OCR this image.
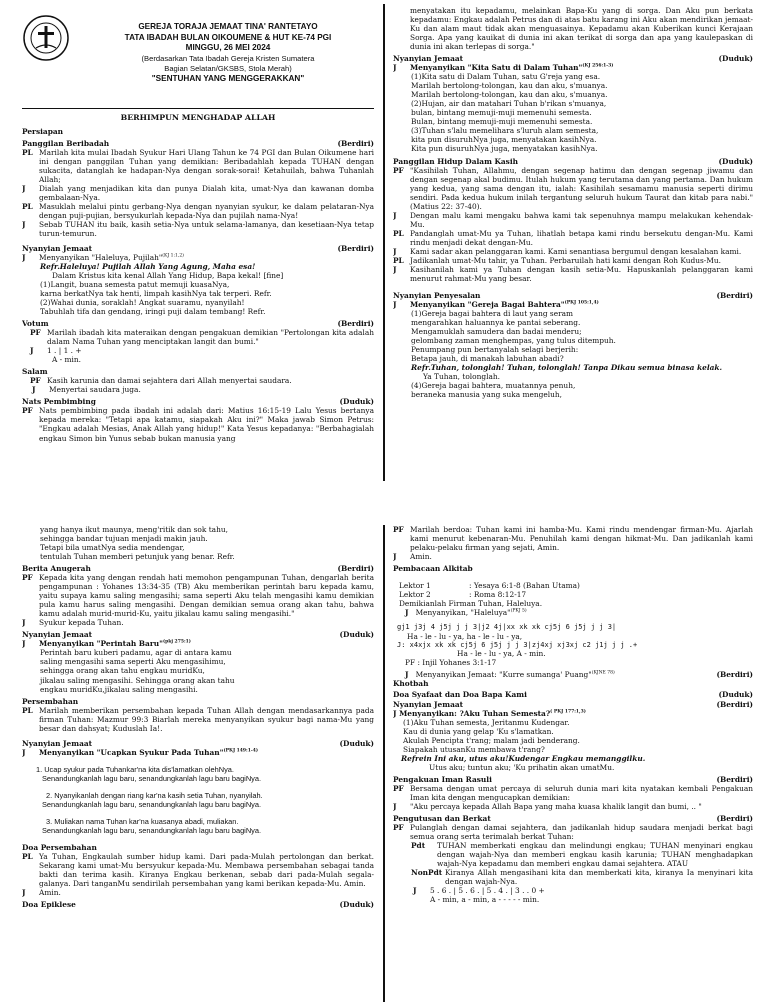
GEREJA TORAJA JEMAAT TINA' RANTETAYO
TATA IBADAH BULAN OIKOUMENE & HUT KE-74 PGI
MINGGU, 26 MEI 2024
(Berdasarkan Tata Ibadah Gereja Kristen Sumatera
Bagian Selatan/GKSBS, Stola Merah)
"SENTUHAN YANG MENGGERAKKAN"
BERHIMPUN MENGHADAP ALLAH
Persiapan
Panggilan Beribadah	(Berdiri)
PL Marilah kita mulai Ibadah Syukur Hari Ulang Tahun ke 74 PGI dan Bulan Oikumene hari ini dengan panggilan Tuhan yang demikian: Beribadahlah kepada TUHAN dengan sukacita, datanglah ke hadapan-Nya dengan sorak-sorai! Ketahuilah, bahwa Tuhanlah Allah;
J	Dialah yang menjadikan kita dan punya Dialah kita, umat-Nya dan kawanan domba gembalaan-Nya.
PL Masuklah melalui pintu gerbang-Nya dengan nyanyian syukur, ke dalam pelataran-Nya dengan puji-pujian, bersyukurlah kepada-Nya dan pujilah nama-Nya!
J	Sebab TUHAN itu baik, kasih setia-Nya untuk selama-lamanya, dan kesetiaan-Nya tetap turun-temurun.
Nyanyian Jemaat	(Berdiri)
J	Menyanyikan "Haleluya, Pujilah"$^{(KJ 1:1,2)}$
Refr.Haleluya! Pujilah Allah Yang Agung, Maha esa!
Dalam Kristus kita kenal Allah Yang Hidup, Bapa kekal! [fine]
(1)Langit, buana semesta patut memuji kuasaNya,
karna berkatNya tak henti, limpah kasihNya tak terperi. Refr.
(2)Wahai dunia, soraklah! Angkat suaramu, nyanyilah!
Tabuhlah tifa dan gendang, iringi puji dalam tembang! Refr.
Votum	(Berdiri)
PF Marilah ibadah kita materaikan dengan pengakuan demikian "Pertolongan kita adalah dalam Nama Tuhan yang menciptakan langit dan bumi."
J	1 . | 1 . +
A - min.
Salam
PF Kasih karunia dan damai sejahtera dari Allah menyertai saudara.
J	Menyertai saudara juga.
Nats Pembimbing	(Duduk)
PF Nats pembimbing pada ibadah ini adalah dari: Matius 16:15-19 Lalu Yesus bertanya kepada mereka: "Tetapi apa katamu, siapakah Aku ini?" Maka jawab Simon Petrus: "Engkau adalah Mesias, Anak Allah yang hidup!" Kata Yesus kepadanya: "Berbahagialah engkau Simon bin Yunus sebab bukan manusia yang
menyatakan itu kepadamu, melainkan Bapa-Ku yang di sorga. Dan Aku pun berkata kepadamu: Engkau adalah Petrus dan di atas batu karang ini Aku akan mendirikan jemaat-Ku dan alam maut tidak akan menguasainya. Kepadamu akan Kuberikan kunci Kerajaan Sorga. Apa yang kauikat di dunia ini akan terikat di sorga dan apa yang kaulepaskan di dunia ini akan terlepas di sorga."
Nyanyian Jemaat	(Duduk)
J	Menyanyikan "Kita Satu di Dalam Tuhan"$^{(KJ 256:1-3)}$
(1)Kita satu di Dalam Tuhan, satu G'reja yang esa.
Marilah bertolong-tolongan, kau dan aku, s'muanya.
Marilah bertolong-tolongan, kau dan aku, s'muanya.
(2)Hujan, air dan matahari Tuhan b'rikan s'muanya,
bulan, bintang memuji-muji memenuhi semesta.
Bulan, bintang memuji-muji memenuhi semesta.
(3)Tuhan s'lalu memelihara s'luruh alam semesta,
kita pun disuruhNya juga, menyatakan kasihNya.
Kita pun disuruhNya juga, menyatakan kasihNya.
Panggilan Hidup Dalam Kasih	(Duduk)
PF "Kasihilah Tuhan, Allahmu, dengan segenap hatimu dan dengan segenap jiwamu dan dengan segenap akal budimu. Itulah hukum yang terutama dan yang pertama. Dan hukum yang kedua, yang sama dengan itu, ialah: Kasihilah sesamamu manusia seperti dirimu sendiri. Pada kedua hukum inilah tergantung seluruh hukum Taurat dan kitab para nabi." (Matius 22: 37-40).
J	Dengan malu kami mengaku bahwa kami tak sepenuhnya mampu melakukan kehendak-Mu.
PL Pandanglah umat-Mu ya Tuhan, lihatlah betapa kami rindu bersekutu dengan-Mu. Kami rindu menjadi dekat dengan-Mu.
J	Kami sadar akan pelanggaran kami. Kami senantiasa bergumul dengan kesalahan kami.
PL Jadikanlah umat-Mu tahir, ya Tuhan. Perbaruilah hati kami dengan Roh Kudus-Mu.
J	Kasihanilah kami ya Tuhan dengan kasih setia-Mu. Hapuskanlah pelanggaran kami menurut rahmat-Mu yang besar.
Nyanyian Penyesalan	(Berdiri)
J	Menyanyikan "Gereja Bagai Bahtera"$^{(PKJ 105:1,4)}$
(1)Gereja bagai bahtera di laut yang seram
mengarahkan haluannya ke pantai seberang.
Mengamuklah samudera dan badai menderu;
gelombang zaman menghempas, yang tulus ditempuh.
Penumpang pun bertanyalah selagi berjerih:
Betapa jauh, di manakah labuhan abadi?
Refr.Tuhan, tolonglah! Tuhan, tolonglah! Tanpa Dikau semua binasa kelak.
Ya Tuhan, tolonglah.
(4)Gereja bagai bahtera, muatannya penuh,
beraneka manusia yang suka mengeluh,
yang hanya ikut maunya, meng'ritik dan sok tahu,
sehingga bandar tujuan menjadi makin jauh.
Tetapi bila umatNya sedia mendengar,
tentulah Tuhan memberi petunjuk yang benar. Refr.
Berita Anugerah	(Berdiri)
PF Kepada kita yang dengan rendah hati memohon pengampunan Tuhan, dengarlah berita pengampunan : Yohanes 13:34-35 (TB) Aku memberikan perintah baru kepada kamu, yaitu supaya kamu saling mengasihi; sama seperti Aku telah mengasihi kamu demikian pula kamu harus saling mengasihi. Dengan demikian semua orang akan tahu, bahwa kamu adalah murid-murid-Ku, yaitu jikalau kamu saling mengasihi."
J	Syukur kepada Tuhan.
Nyanyian Jemaat	(Duduk)
J	Menyanyikan "Perintah Baru"$^{(pkj 275:1)}$
Perintah baru kuberi padamu, agar di antara kamu
saling mengasihi sama seperti Aku mengasihimu,
sehingga orang akan tahu engkau muridKu,
jikalau saling mengasihi. Sehingga orang akan tahu
engkau muridKu,jikalau saling mengasihi.
Persembahan
PL Marilah memberikan persembahan kepada Tuhan Allah dengan mendasarkannya pada firman Tuhan: Mazmur 99:3 Biarlah mereka menyanyikan syukur bagi nama-Mu yang besar dan dahsyat; Kuduslah Ia!.
Nyanyian Jemaat	(Duduk)
J	Menyanyikan "Ucapkan Syukur Pada Tuhan"$^{(PKJ 149:1-4)}$
1. Ucap syukur pada Tuhankar'na kita dis'lamatkan olehNya.
Senandungkanlah lagu baru, senandungkanlah lagu baru bagiNya.
2. Nyanyikanlah dengan riang kar'na kasih setia Tuhan, nyanyilah.
Senandungkanlah lagu baru, senandungkanlah lagu baru bagiNya.
3. Muliakan nama Tuhan kar'na kuasanya abadi, muliakan.
Senandungkanlah lagu baru, senandungkanlah lagu baru bagiNya.
Doa Persembahan
PL Ya Tuhan, Engkaulah sumber hidup kami. Dari pada-Mulah pertolongan dan berkat. Sekarang kami umat-Mu bersyukur kepada-Mu. Membawa persembahan sebagai tanda bakti dan terima kasih. Kiranya Engkau berkenan, sebab dari pada-Mulah segala-galanya. Dari tanganMu sendirilah persembahan yang kami berikan kepada-Mu. Amin.
J	Amin.
Doa Epiklese	(Duduk)
PF Marilah berdoa: Tuhan kami ini hamba-Mu. Kami rindu mendengar firman-Mu. Ajarlah kami menurut kebenaran-Mu. Penuhilah kami dengan hikmat-Mu. Dan jadikanlah kami pelaku-pelaku firman yang sejati, Amin.
J	Amin.
Pembacaan Alkitab
Lektor 1	: Yesaya 6:1-8 (Bahan Utama)
Lektor 2	: Roma 8:12-17
Demikianlah Firman Tuhan, Haleluya.
J Menyanyikan, "Haleluya"$^{(PKJ 5)}$
gj1 j3j 4 j5j j j 3|j2 4j|xx xk xk cj5j 6 j5j j j 3|
Ha - le - lu - ya, ha - le - lu - ya,
J: x4xjx xk xk cj5j 6 j5j j j 3|zj4xj xj3xj c2 j1j j j .+
Ha - le - lu - ya, A - min.
PF : Injil Yohanes 3:1-17
J Menyanyikan Jemaat: "Kurre sumanga' Puang"$^{(KJNE 78)}$	(Berdiri)
Khotbah
Doa Syafaat dan Doa Bapa Kami	(Duduk)
Nyanyian Jemaat	(Berdiri)
J Menyanyikan: ?Aku Tuhan Semesta?$^{( PKJ 177:1,3)}$
(1)Aku Tuhan semesta, Jeritanmu Kudengar.
Kau di dunia yang gelap 'Ku s'lamatkan.
Akulah Pencipta t'rang; malam jadi benderang.
Siapakah utusanKu membawa t'rang?
Refrein Ini aku, utus aku!Kudengar Engkau memanggilku.
Utus aku; tuntun aku; 'Ku prihatin akan umatMu.
Pengakuan Iman Rasuli	(Berdiri)
PF Bersama dengan umat percaya di seluruh dunia mari kita nyatakan kembali Pengakuan Iman kita dengan mengucapkan demikian:
J	"Aku percaya kepada Allah Bapa yang maha kuasa khalik langit dan bumi, .. "
Pengutusan dan Berkat	(Berdiri)
PF Pulanglah dengan damai sejahtera, dan jadikanlah hidup saudara menjadi berkat bagi semua orang serta terimalah berkat Tuhan:
Pdt	TUHAN memberkati engkau dan melindungi engkau; TUHAN menyinari engkau dengan wajah-Nya dan memberi engkau kasih karunia; TUHAN menghadapkan wajah-Nya kepadamu dan memberi engkau damai sejahtera. ATAU
NonPdt Kiranya Allah mengasihani kita dan memberkati kita, kiranya Ia menyinari kita dengan wajah-Nya.
J	5 . 6 . | 5 . 6 . | 5 . 4 . | 3 . . 0 +
A - min, a - min, a - - - - - min.
